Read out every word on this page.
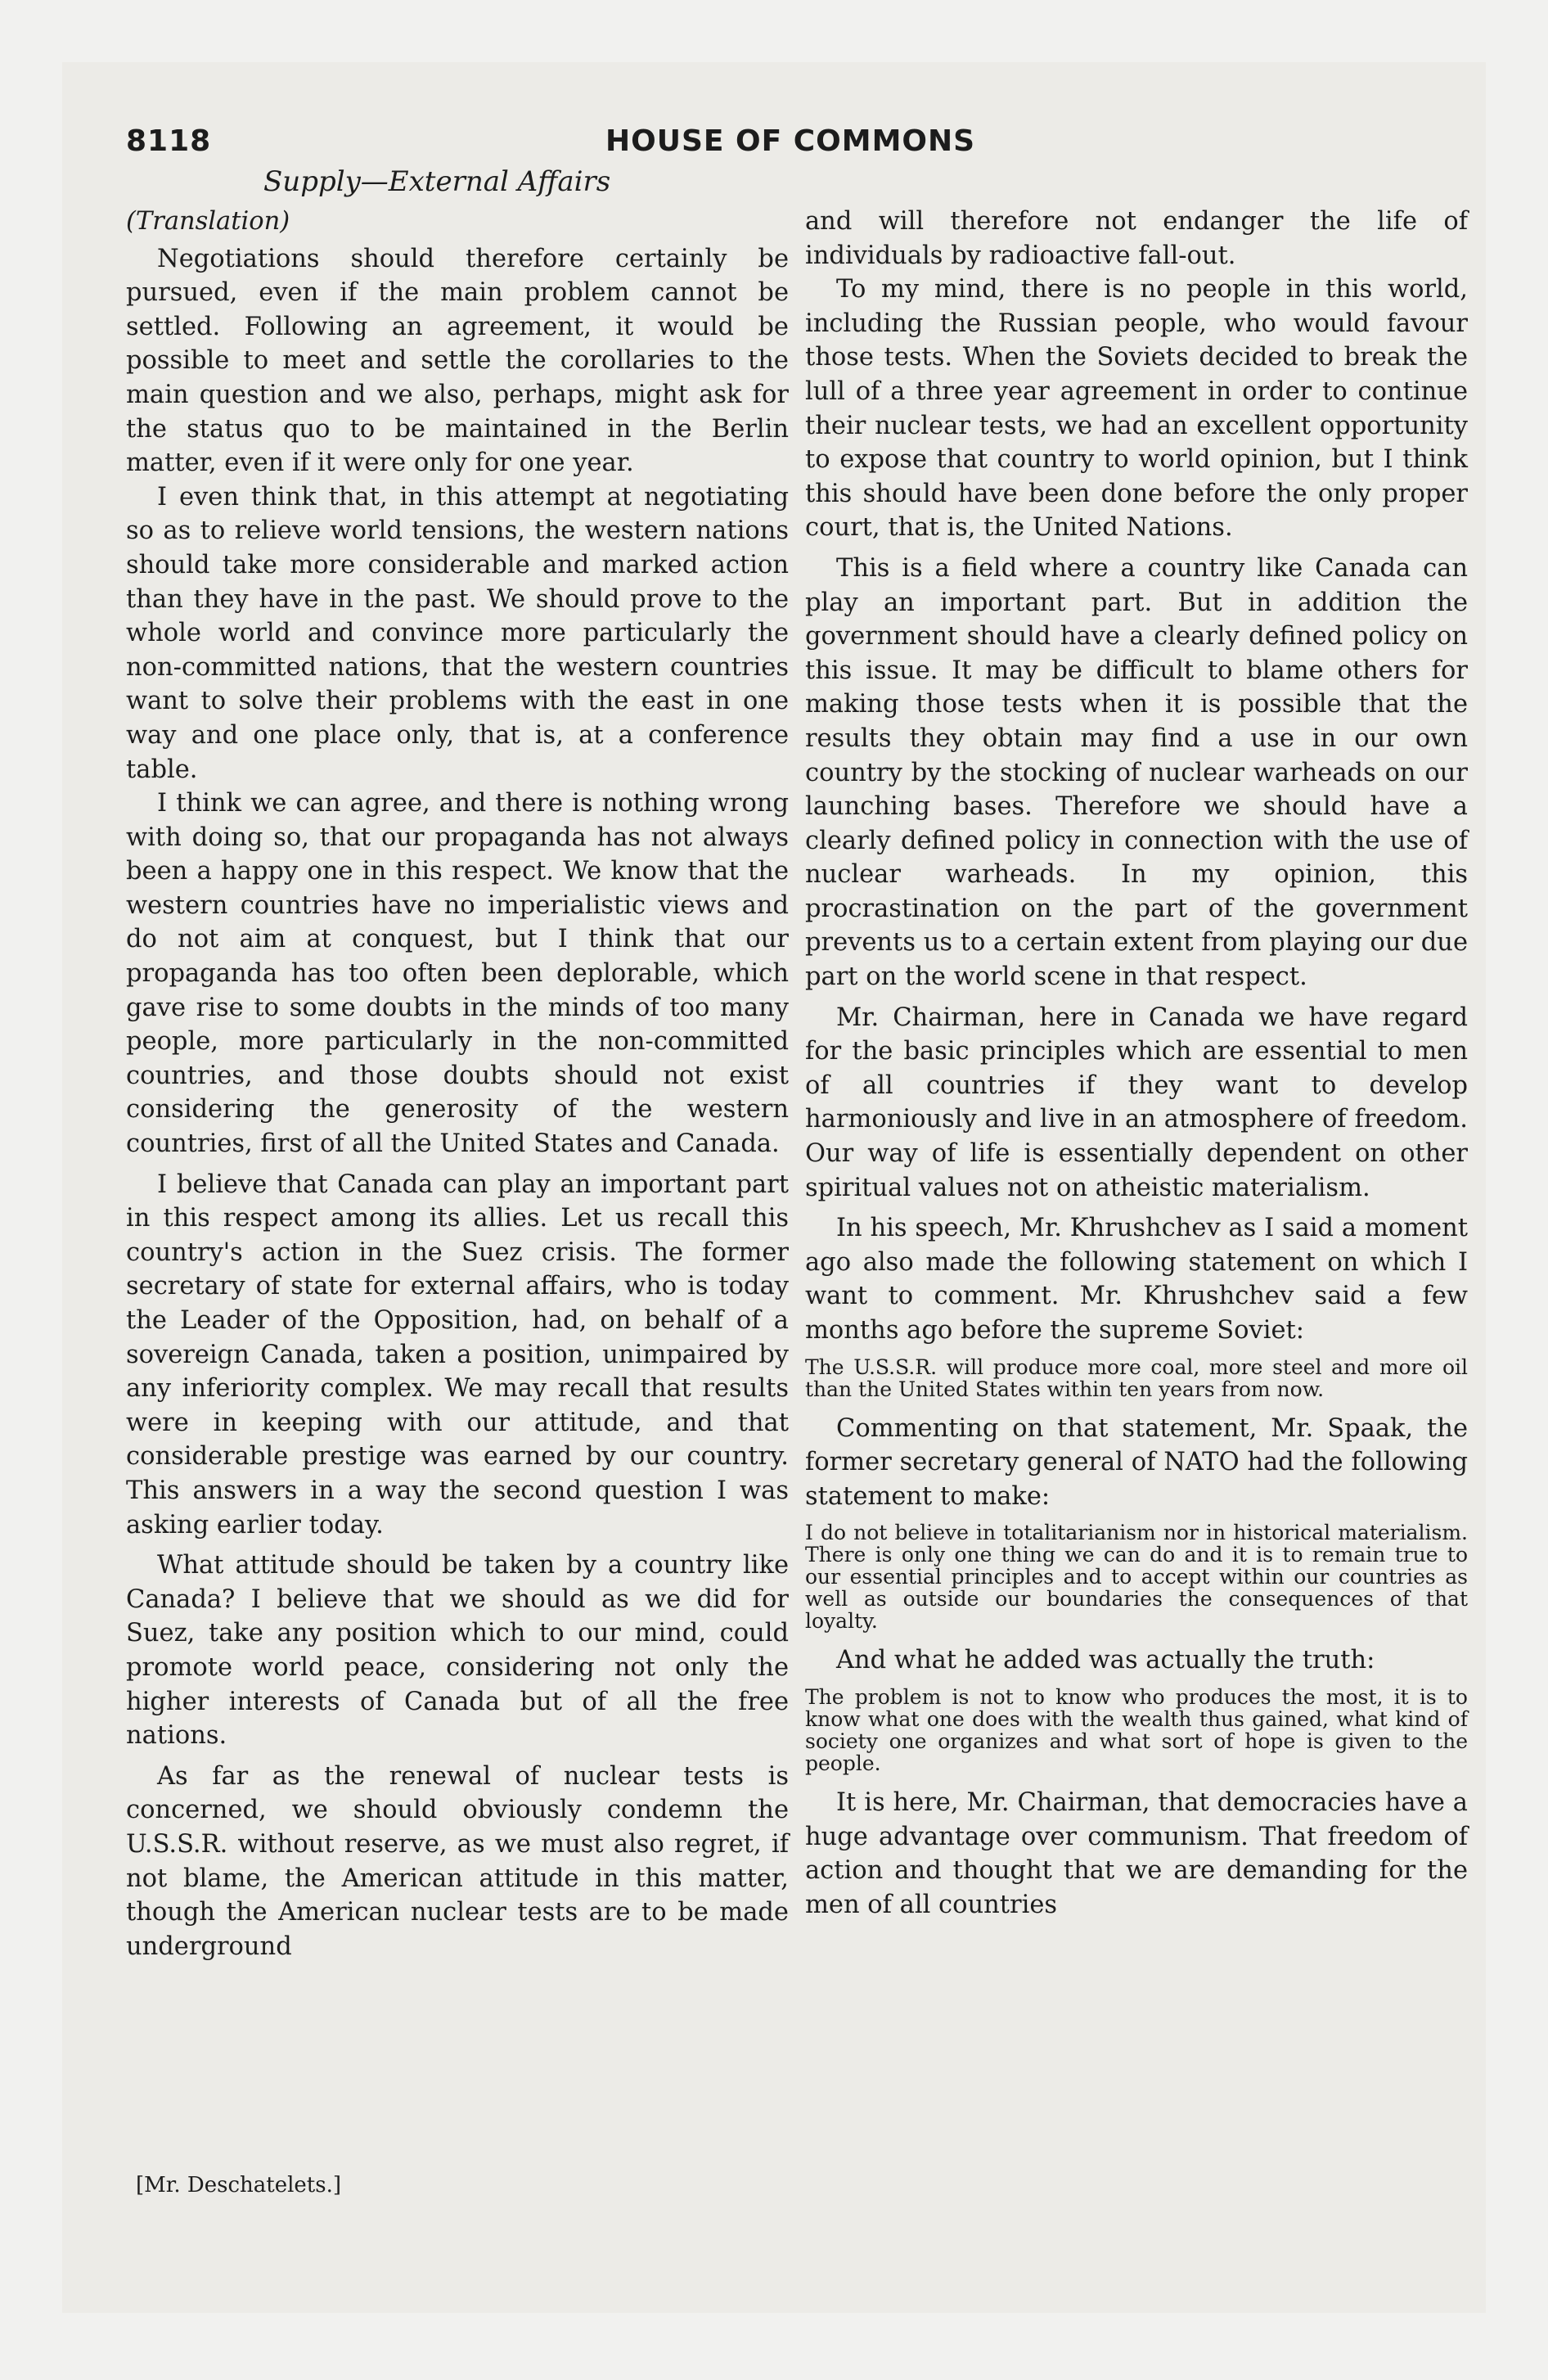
8118	HOUSE OF COMMONS
Supply—External Affairs

(Translation)

Negotiations should therefore certainly be pursued, even if the main problem cannot be settled. Following an agreement, it would be possible to meet and settle the corollaries to the main question and we also, perhaps, might ask for the status quo to be maintained in the Berlin matter, even if it were only for one year.

I even think that, in this attempt at negotiating so as to relieve world tensions, the western nations should take more considerable and marked action than they have in the past. We should prove to the whole world and convince more particularly the non-committed nations, that the western countries want to solve their problems with the east in one way and one place only, that is, at a conference table.

I think we can agree, and there is nothing wrong with doing so, that our propaganda has not always been a happy one in this respect. We know that the western countries have no imperialistic views and do not aim at conquest, but I think that our propaganda has too often been deplorable, which gave rise to some doubts in the minds of too many people, more particularly in the non-committed countries, and those doubts should not exist considering the generosity of the western countries, first of all the United States and Canada.

I believe that Canada can play an important part in this respect among its allies. Let us recall this country's action in the Suez crisis. The former secretary of state for external affairs, who is today the Leader of the Opposition, had, on behalf of a sovereign Canada, taken a position, unimpaired by any inferiority complex. We may recall that results were in keeping with our attitude, and that considerable prestige was earned by our country. This answers in a way the second question I was asking earlier today.

What attitude should be taken by a country like Canada? I believe that we should as we did for Suez, take any position which to our mind, could promote world peace, considering not only the higher interests of Canada but of all the free nations.

As far as the renewal of nuclear tests is concerned, we should obviously condemn the U.S.S.R. without reserve, as we must also regret, if not blame, the American attitude in this matter, though the American nuclear tests are to be made underground

and will therefore not endanger the life of individuals by radioactive fall-out.

To my mind, there is no people in this world, including the Russian people, who would favour those tests. When the Soviets decided to break the lull of a three year agreement in order to continue their nuclear tests, we had an excellent opportunity to expose that country to world opinion, but I think this should have been done before the only proper court, that is, the United Nations.

This is a field where a country like Canada can play an important part. But in addition the government should have a clearly defined policy on this issue. It may be difficult to blame others for making those tests when it is possible that the results they obtain may find a use in our own country by the stocking of nuclear warheads on our launching bases. Therefore we should have a clearly defined policy in connection with the use of nuclear warheads. In my opinion, this procrastination on the part of the government prevents us to a certain extent from playing our due part on the world scene in that respect.

Mr. Chairman, here in Canada we have regard for the basic principles which are essential to men of all countries if they want to develop harmoniously and live in an atmosphere of freedom. Our way of life is essentially dependent on other spiritual values not on atheistic materialism.

In his speech, Mr. Khrushchev as I said a moment ago also made the following statement on which I want to comment. Mr. Khrushchev said a few months ago before the supreme Soviet:

The U.S.S.R. will produce more coal, more steel and more oil than the United States within ten years from now.

Commenting on that statement, Mr. Spaak, the former secretary general of NATO had the following statement to make:

I do not believe in totalitarianism nor in historical materialism. There is only one thing we can do and it is to remain true to our essential principles and to accept within our countries as well as outside our boundaries the consequences of that loyalty.

And what he added was actually the truth:

The problem is not to know who produces the most, it is to know what one does with the wealth thus gained, what kind of society one organizes and what sort of hope is given to the people.

It is here, Mr. Chairman, that democracies have a huge advantage over communism. That freedom of action and thought that we are demanding for the men of all countries

[Mr. Deschatelets.]
